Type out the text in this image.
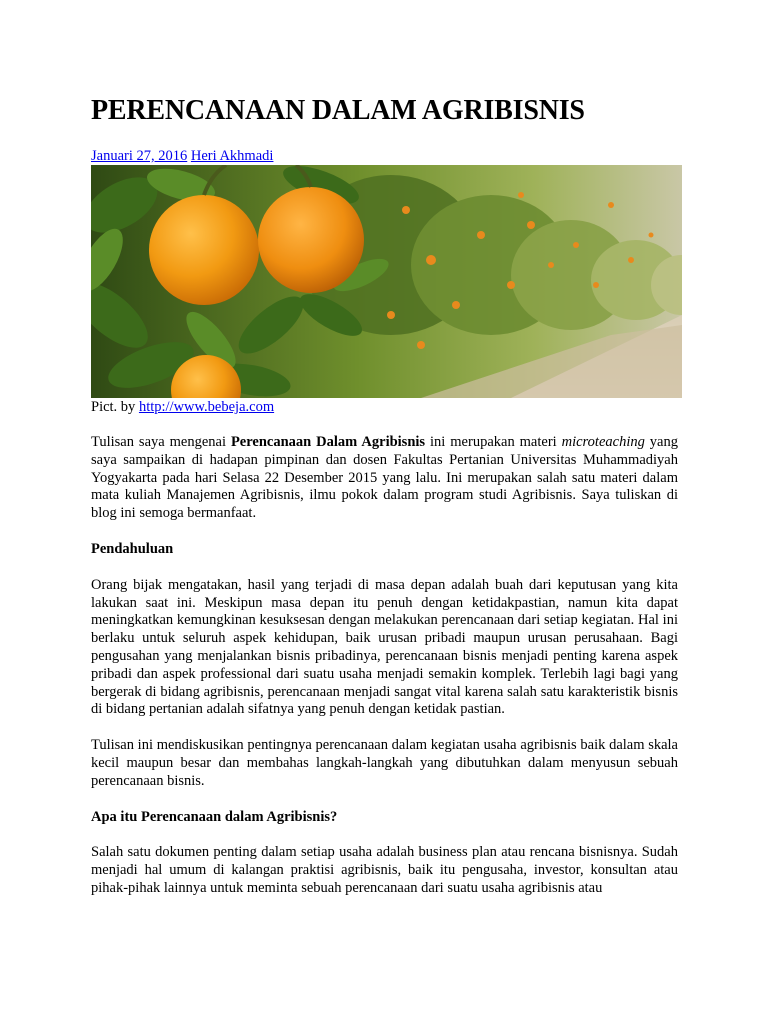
PERENCANAAN DALAM AGRIBISNIS
Januari 27, 2016 Heri Akhmadi
Pict. by http://www.bebeja.com

Tulisan saya mengenai Perencanaan Dalam Agribisnis ini merupakan materi microteaching yang saya sampaikan di hadapan pimpinan dan dosen Fakultas Pertanian Universitas Muhammadiyah Yogyakarta pada hari Selasa 22 Desember 2015 yang lalu. Ini merupakan salah satu materi dalam mata kuliah Manajemen Agribisnis, ilmu pokok dalam program studi Agribisnis. Saya tuliskan di blog ini semoga bermanfaat.

Pendahuluan

Orang bijak mengatakan, hasil yang terjadi di masa depan adalah buah dari keputusan yang kita lakukan saat ini. Meskipun masa depan itu penuh dengan ketidakpastian, namun kita dapat meningkatkan kemungkinan kesuksesan dengan melakukan perencanaan dari setiap kegiatan. Hal ini berlaku untuk seluruh aspek kehidupan, baik urusan pribadi maupun urusan perusahaan. Bagi pengusahan yang menjalankan bisnis pribadinya, perencanaan bisnis menjadi penting karena aspek pribadi dan aspek professional dari suatu usaha menjadi semakin komplek. Terlebih lagi bagi yang bergerak di bidang agribisnis, perencanaan menjadi sangat vital karena salah satu karakteristik bisnis di bidang pertanian adalah sifatnya yang penuh dengan ketidak pastian.

Tulisan ini mendiskusikan pentingnya perencanaan dalam kegiatan usaha agribisnis baik dalam skala kecil maupun besar dan membahas langkah-langkah yang dibutuhkan dalam menyusun sebuah perencanaan bisnis.

Apa itu Perencanaan dalam Agribisnis?

Salah satu dokumen penting dalam setiap usaha adalah business plan atau rencana bisnisnya. Sudah menjadi hal umum di kalangan praktisi agribisnis, baik itu pengusaha, investor, konsultan atau pihak-pihak lainnya untuk meminta sebuah perencanaan dari suatu usaha agribisnis atau
